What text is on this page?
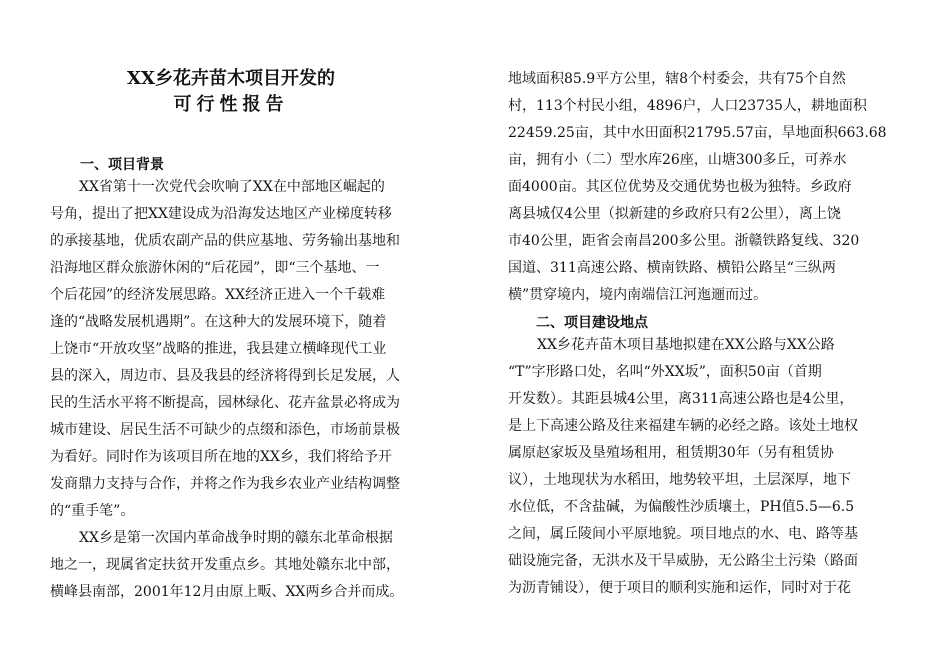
XX乡花卉苗木项目开发的
可行性报告
一、项目背景
XX省第十一次党代会吹响了XX在中部地区崛起的
号角，提出了把XX建设成为沿海发达地区产业梯度转移
的承接基地，优质农副产品的供应基地、劳务输出基地和
沿海地区群众旅游休闲的“后花园”，即“三个基地、一
个后花园”的经济发展思路。XX经济正进入一个千载难
逢的“战略发展机遇期”。在这种大的发展环境下，随着
上饶市“开放攻坚”战略的推进，我县建立横峰现代工业
县的深入，周边市、县及我县的经济将得到长足发展，人
民的生活水平将不断提高，园林绿化、花卉盆景必将成为
城市建设、居民生活不可缺少的点缀和添色，市场前景极
为看好。同时作为该项目所在地的XX乡，我们将给予开
发商鼎力支持与合作，并将之作为我乡农业产业结构调整
的“重手笔”。
XX乡是第一次国内革命战争时期的赣东北革命根据
地之一，现属省定扶贫开发重点乡。其地处赣东北中部，
横峰县南部，2001年12月由原上畈、XX两乡合并而成。
地域面积85.9平方公里，辖8个村委会，共有75个自然
村，113个村民小组，4896户，人口23735人，耕地面积
22459.25亩，其中水田面积21795.57亩，旱地面积663.68
亩，拥有小（二）型水库26座，山塘300多丘，可养水
面4000亩。其区位优势及交通优势也极为独特。乡政府
离县城仅4公里（拟新建的乡政府只有2公里），离上饶
市40公里，距省会南昌200多公里。浙赣铁路复线、320
国道、311高速公路、横南铁路、横铅公路呈“三纵两
横”贯穿境内，境内南端信江河迤逦而过。
二、项目建设地点
XX乡花卉苗木项目基地拟建在XX公路与XX公路
“T”字形路口处，名叫“外XX坂”，面积50亩（首期
开发数）。其距县城4公里，离311高速公路也是4公里，
是上下高速公路及往来福建车辆的必经之路。该处土地权
属原赵家坂及垦殖场租用，租赁期30年（另有租赁协
议），土地现状为水稻田，地势较平坦，土层深厚，地下
水位低，不含盐碱，为偏酸性沙质壤土，PH值5.5—6.5
之间，属丘陵间小平原地貌。项目地点的水、电、路等基
础设施完备，无洪水及干旱威胁，无公路尘土污染（路面
为沥青铺设），便于项目的顺利实施和运作，同时对于花
